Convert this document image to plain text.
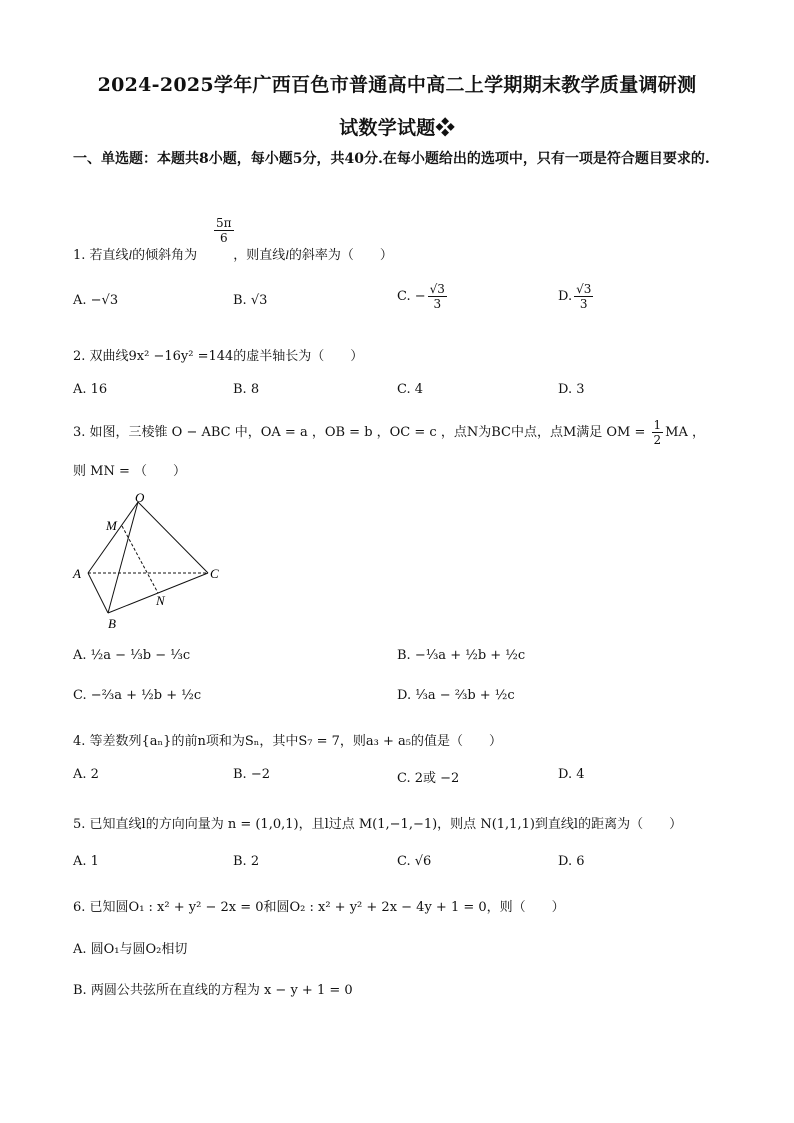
2024-2025学年广西百色市普通高中高二上学期期末教学质量调研测
试数学试题❖
一、单选题：本题共8小题，每小题5分，共40分.在每小题给出的选项中，只有一项是符合题目要求的.
$\frac{5\pi}{6}$
1. 若直线l的倾斜角为	，则直线l的斜率为（　　）
A. −√3	B. √3	C. − $\frac{√3}{3}$	D. $\frac{√3}{3}$
2. 双曲线9x² −16y² =144的虚半轴长为（　　）
A. 16	B. 8	C. 4	D. 3
3. 如图，三棱锥 O − ABC 中，OA = a ，OB = b ，OC = c ，点N为BC中点，点M满足 OM = $\frac{1}{2}$ MA ，
则 MN = （　　）
O
M
A	C
N
B
A. ½a − ⅓b − ⅓c	B. −⅓a + ½b + ½c
C. −⅔a + ½b + ½c	D. ⅓a − ⅔b + ½c
4. 等差数列{aₙ}的前n项和为Sₙ，其中S₇ = 7，则a₃ + a₅的值是（　　）
A. 2	B. −2	C. 2或 −2	D. 4
5. 已知直线l的方向向量为 n = (1,0,1)，且l过点 M(1,−1,−1)，则点 N(1,1,1)到直线l的距离为（　　）
A. 1	B. 2	C. √6	D. 6
6. 已知圆O₁ : x² + y² − 2x = 0和圆O₂ : x² + y² + 2x − 4y + 1 = 0，则（　　）
A. 圆O₁与圆O₂相切
B. 两圆公共弦所在直线的方程为 x − y + 1 = 0
